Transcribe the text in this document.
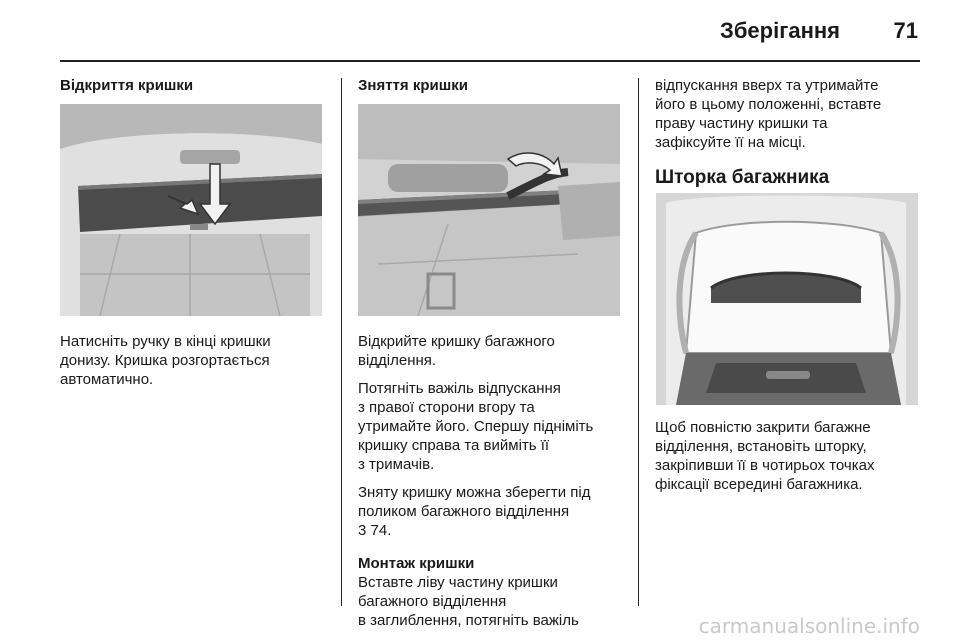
Зберігання 71
Відкриття кришки
Натисніть ручку в кінці кришки
донизу. Кришка розгортається
автоматично.
Зняття кришки
Відкрийте кришку багажного
відділення.
Потягніть важіль відпускання
з правої сторони вгору та
утримайте його. Спершу підніміть
кришку справа та вийміть її
з тримачів.
Зняту кришку можна зберегти під
поликом багажного відділення
3 74.
Монтаж кришки
Вставте ліву частину кришки
багажного відділення
в заглиблення, потягніть важіль
відпускання вверх та утримайте
його в цьому положенні, вставте
праву частину кришки та
зафіксуйте її на місці.
Шторка багажника
Щоб повністю закрити багажне
відділення, встановіть шторку,
закріпивши її в чотирьох точках
фіксації всередині багажника.
carmanualsonline.info
